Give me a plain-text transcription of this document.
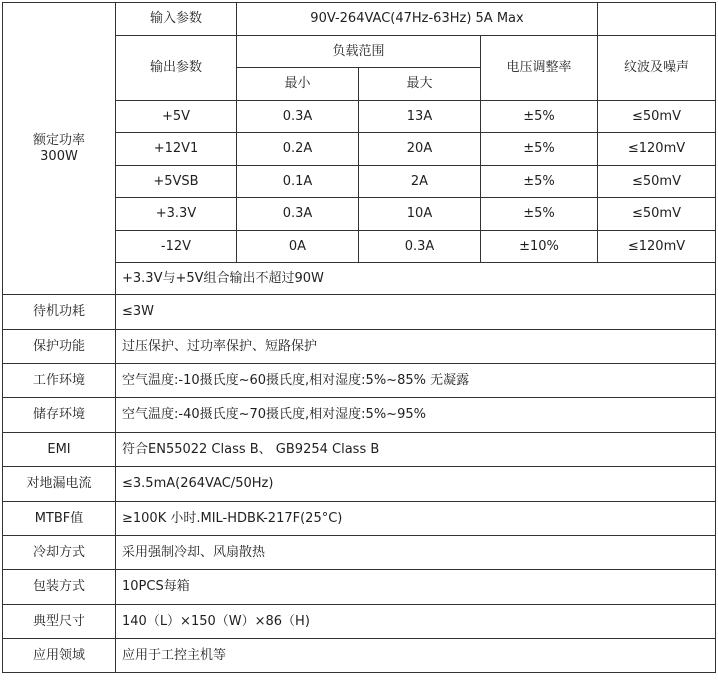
额定功率
300W	输入参数	90V-264VAC(47Hz-63Hz) 5A Max			
	输出参数	负载范围		电压调整率	纹波及噪声
		最小	最大		
	+5V	0.3A	13A	±5%	≤50mV
	+12V1	0.2A	20A	±5%	≤120mV
	+5VSB	0.1A	2A	±5%	≤50mV
	+3.3V	0.3A	10A	±5%	≤50mV
	-12V	0A	0.3A	±10%	≤120mV
	+3.3V与+5V组合输出不超过90W				
待机功耗	≤3W				
保护功能	过压保护、过功率保护、短路保护				
工作环境	空气温度:-10摄氏度~60摄氏度,相对湿度:5%~85% 无凝露				
储存环境	空气温度:-40摄氏度~70摄氏度,相对湿度:5%~95%				
EMI	符合EN55022 Class B、 GB9254 Class B				
对地漏电流	≤3.5mA(264VAC/50Hz)				
MTBF值	≥100K 小时.MIL-HDBK-217F(25°C)				
冷却方式	采用强制冷却、风扇散热				
包装方式	10PCS每箱				
典型尺寸	140（L）×150（W）×86（H)				
应用领域	应用于工控主机等				
